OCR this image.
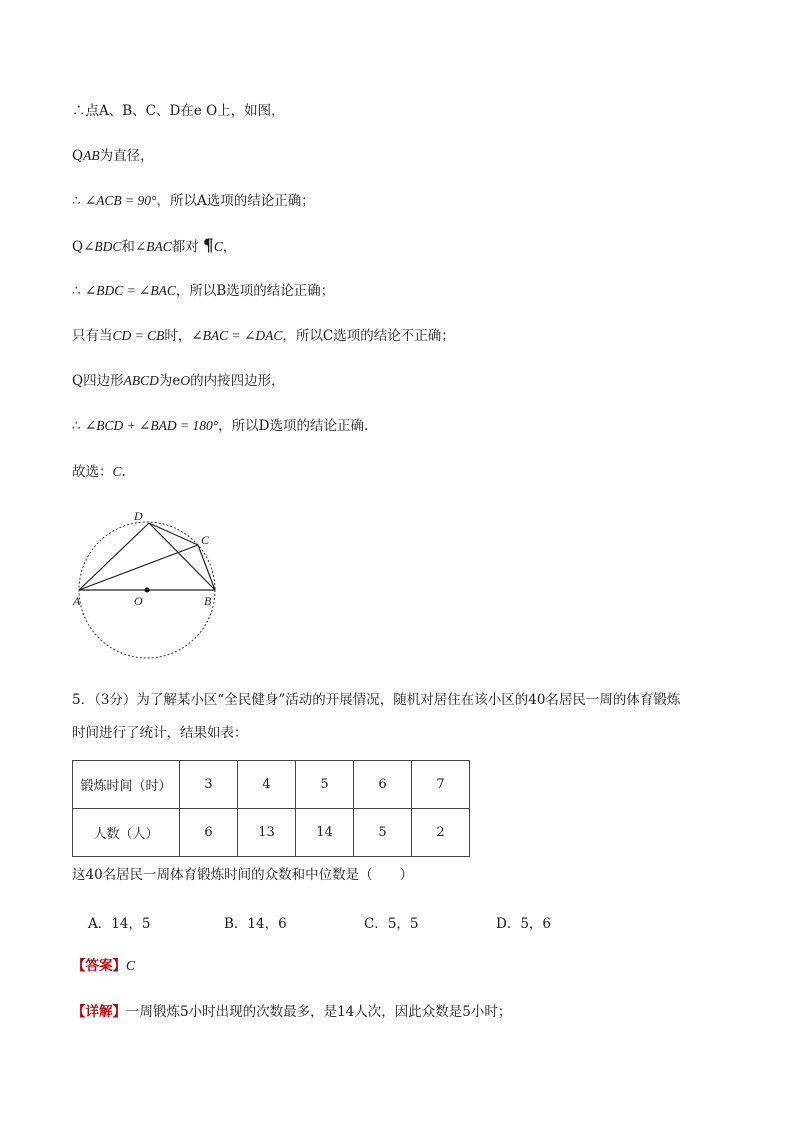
∴点A、B、C、D在e O上，如图，
QAB为直径，
∴ ∠ACB = 90°，所以A选项的结论正确；
Q∠BDC和∠BAC都对 ¶C，
∴ ∠BDC = ∠BAC，所以B选项的结论正确；
只有当CD = CB时，∠BAC = ∠DAC，所以C选项的结论不正确；
Q四边形ABCD为eO的内接四边形，
∴ ∠BCD + ∠BAD = 180°，所以D选项的结论正确.
故选：C.
D
C
A	O	B
5．（3分）为了解某小区“全民健身”活动的开展情况，随机对居住在该小区的40名居民一周的体育锻炼
时间进行了统计，结果如表：
锻炼时间（时）	3	4	5	6	7
人数（人）	6	13	14	5	2
这40名居民一周体育锻炼时间的众数和中位数是（　　）
A．14，5	B．14，6	C．5，5	D．5，6
【答案】C
【详解】一周锻炼5小时出现的次数最多，是14人次，因此众数是5小时；
